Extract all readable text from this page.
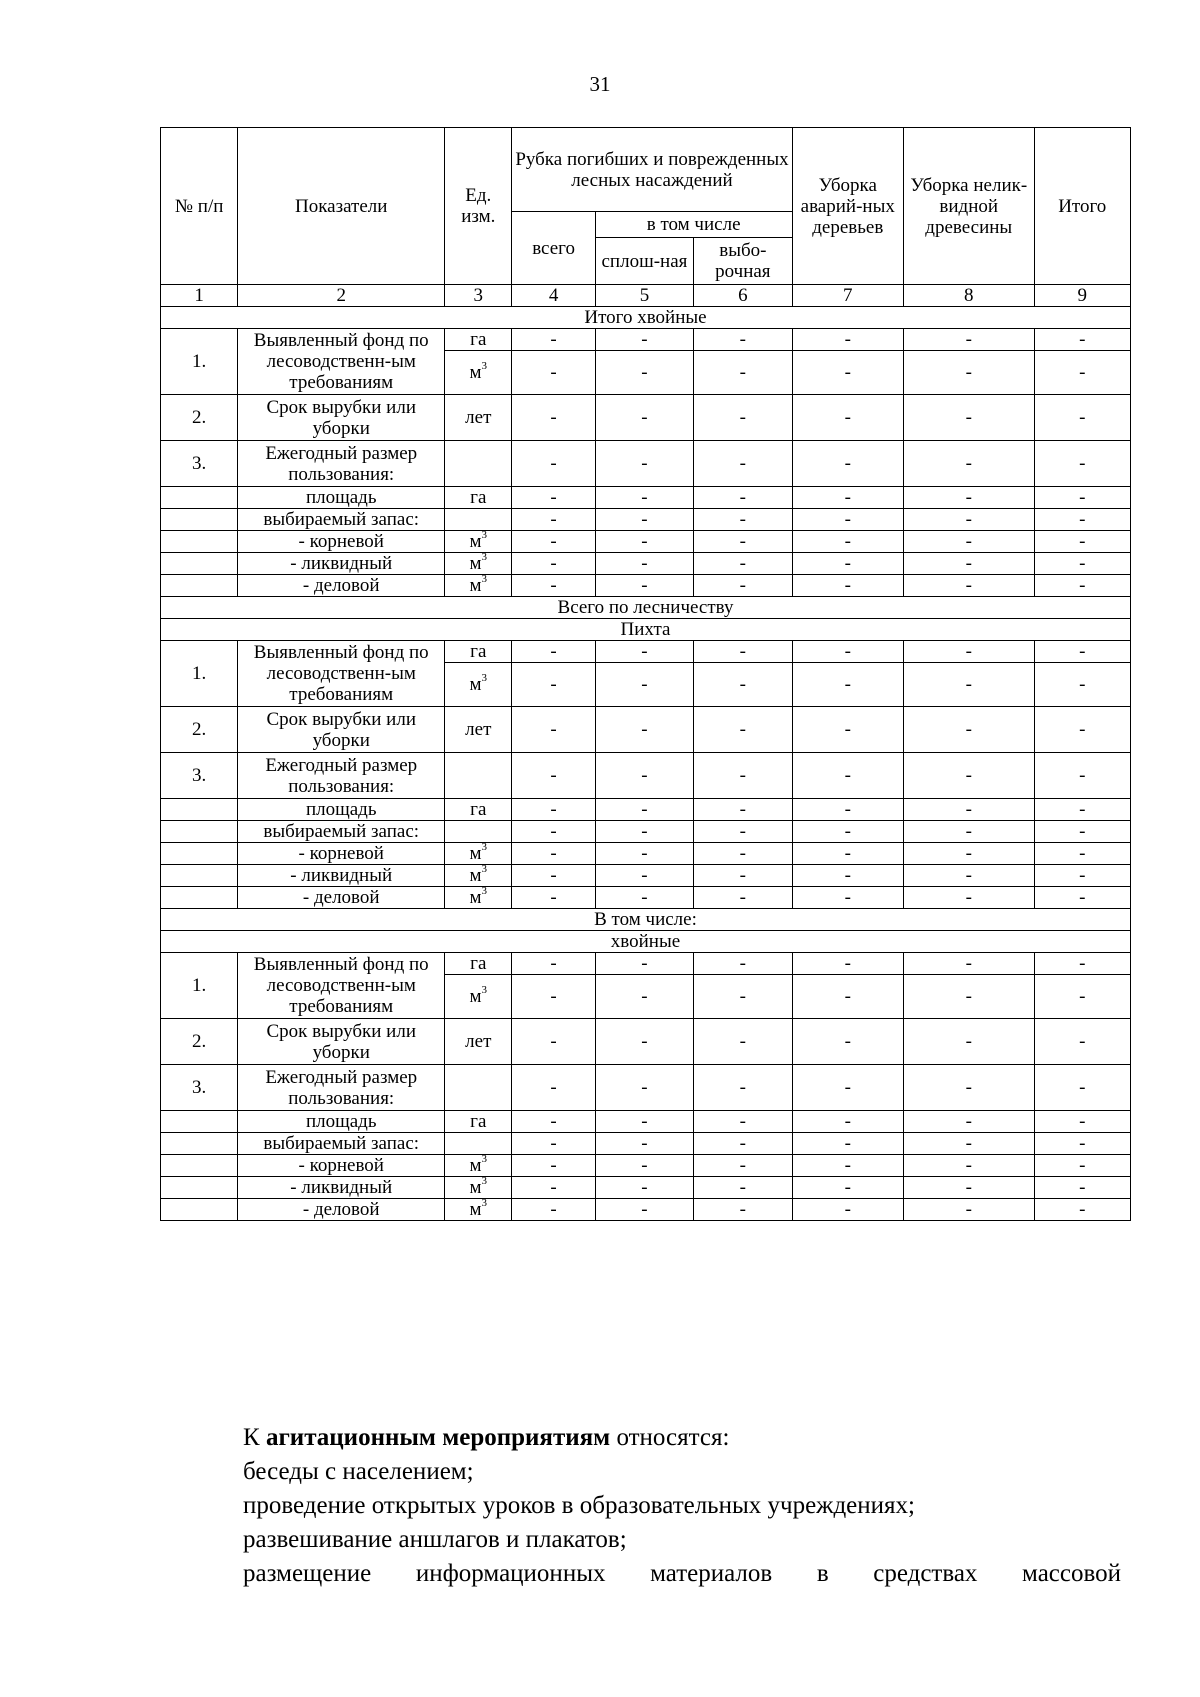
31
№ п/п	Показатели	Ед. изм.	Рубка погибших и поврежденных лесных насаждений			Уборка аварий-ных деревьев	Уборка нелик-видной древесины	Итого
			всего	в том числе				
				сплош-ная	выбо-рочная			
1	2	3	4	5	6	7	8	9
Итого хвойные								
1.	Выявленный фонд по лесоводственн-ым требованиям	га	-	-	-	-	-	-
		$м^3$	-	-	-	-	-	-
2.	Срок вырубки или уборки	лет	-	-	-	-	-	-
3.	Ежегодный размер пользования:		-	-	-	-	-	-
	площадь	га	-	-	-	-	-	-
	выбираемый запас:		-	-	-	-	-	-
	- корневой	$м^3$	-	-	-	-	-	-
	- ликвидный	$м^3$	-	-	-	-	-	-
	- деловой	$м^3$	-	-	-	-	-	-
Всего по лесничеству								
Пихта								
1.	Выявленный фонд по лесоводственн-ым требованиям	га	-	-	-	-	-	-
		$м^3$	-	-	-	-	-	-
2.	Срок вырубки или уборки	лет	-	-	-	-	-	-
3.	Ежегодный размер пользования:		-	-	-	-	-	-
	площадь	га	-	-	-	-	-	-
	выбираемый запас:		-	-	-	-	-	-
	- корневой	$м^3$	-	-	-	-	-	-
	- ликвидный	$м^3$	-	-	-	-	-	-
	- деловой	$м^3$	-	-	-	-	-	-
В том числе:								
хвойные								
1.	Выявленный фонд по лесоводственн-ым требованиям	га	-	-	-	-	-	-
		$м^3$	-	-	-	-	-	-
2.	Срок вырубки или уборки	лет	-	-	-	-	-	-
3.	Ежегодный размер пользования:		-	-	-	-	-	-
	площадь	га	-	-	-	-	-	-
	выбираемый запас:		-	-	-	-	-	-
	- корневой	$м^3$	-	-	-	-	-	-
	- ликвидный	$м^3$	-	-	-	-	-	-
	- деловой	$м^3$	-	-	-	-	-	-

К агитационным мероприятиям относятся:

беседы с населением;

проведение открытых уроков в образовательных учреждениях;

развешивание аншлагов и плакатов;

размещение информационных материалов в средствах массовой
